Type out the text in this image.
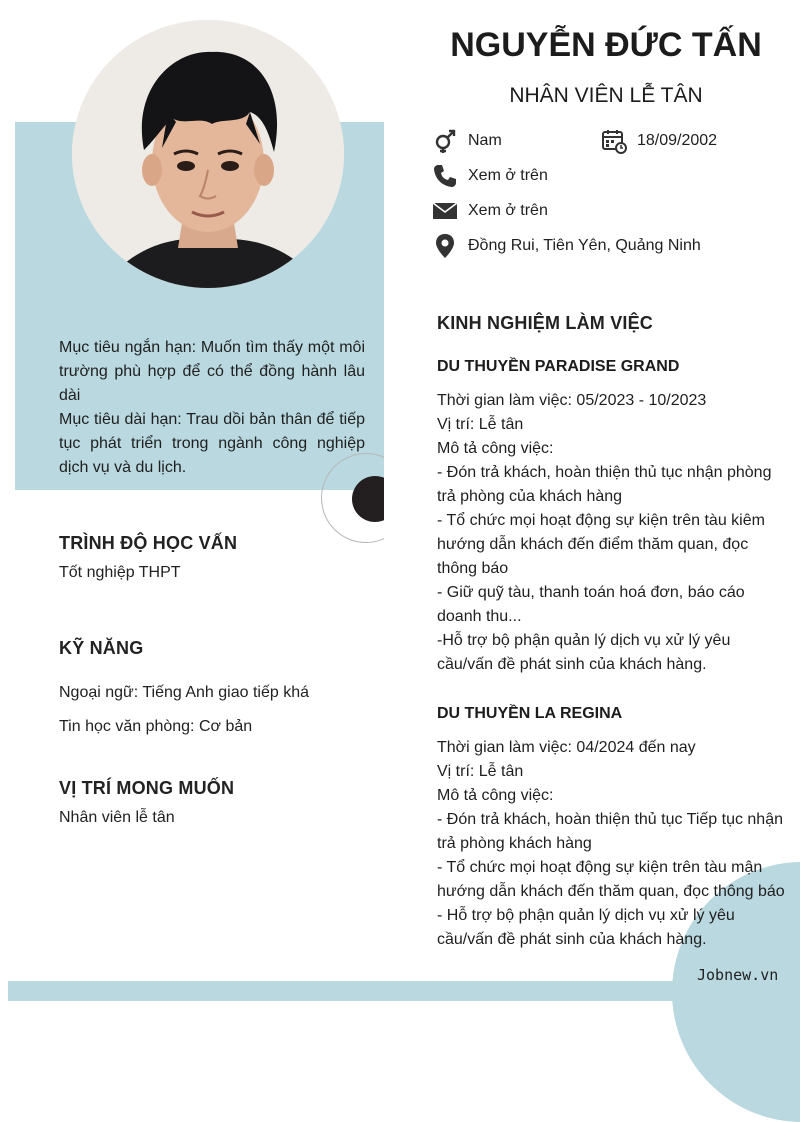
Mục tiêu ngắn hạn: Muốn tìm thấy một môi trường phù hợp để có thể đồng hành lâu dài

Mục tiêu dài hạn: Trau dồi bản thân để tiếp tục phát triển trong ngành công nghiệp dịch vụ và du lịch.

TRÌNH ĐỘ HỌC VẤN
Tốt nghiệp THPT
KỸ NĂNG
Ngoại ngữ: Tiếng Anh giao tiếp khá
Tin học văn phòng: Cơ bản
VỊ TRÍ MONG MUỐN
Nhân viên lễ tân
NGUYỄN ĐỨC TẤN
NHÂN VIÊN LỄ TÂN
Nam	18/09/2002
Xem ở trên
Xem ở trên
Đồng Rui, Tiên Yên, Quảng Ninh
KINH NGHIỆM LÀM VIỆC
DU THUYỀN PARADISE GRAND
Thời gian làm việc: 05/2023 - 10/2023
Vị trí: Lễ tân
Mô tả công việc:
- Đón trả khách, hoàn thiện thủ tục nhận phòng trả phòng của khách hàng
- Tổ chức mọi hoạt động sự kiện trên tàu kiêm hướng dẫn khách đến điểm thăm quan, đọc thông báo
- Giữ quỹ tàu, thanh toán hoá đơn, báo cáo doanh thu...
-Hỗ trợ bộ phận quản lý dịch vụ xử lý yêu cầu/vấn đề phát sinh của khách hàng.
DU THUYỀN LA REGINA
Thời gian làm việc: 04/2024 đến nay
Vị trí: Lễ tân
Mô tả công việc:
- Đón trả khách, hoàn thiện thủ tục Tiếp tục nhận trả phòng khách hàng
- Tổ chức mọi hoạt động sự kiện trên tàu mận hướng dẫn khách đến thăm quan, đọc thông báo
- Hỗ trợ bộ phận quản lý dịch vụ xử lý yêu cầu/vấn đề phát sinh của khách hàng.
Jobnew.vn
